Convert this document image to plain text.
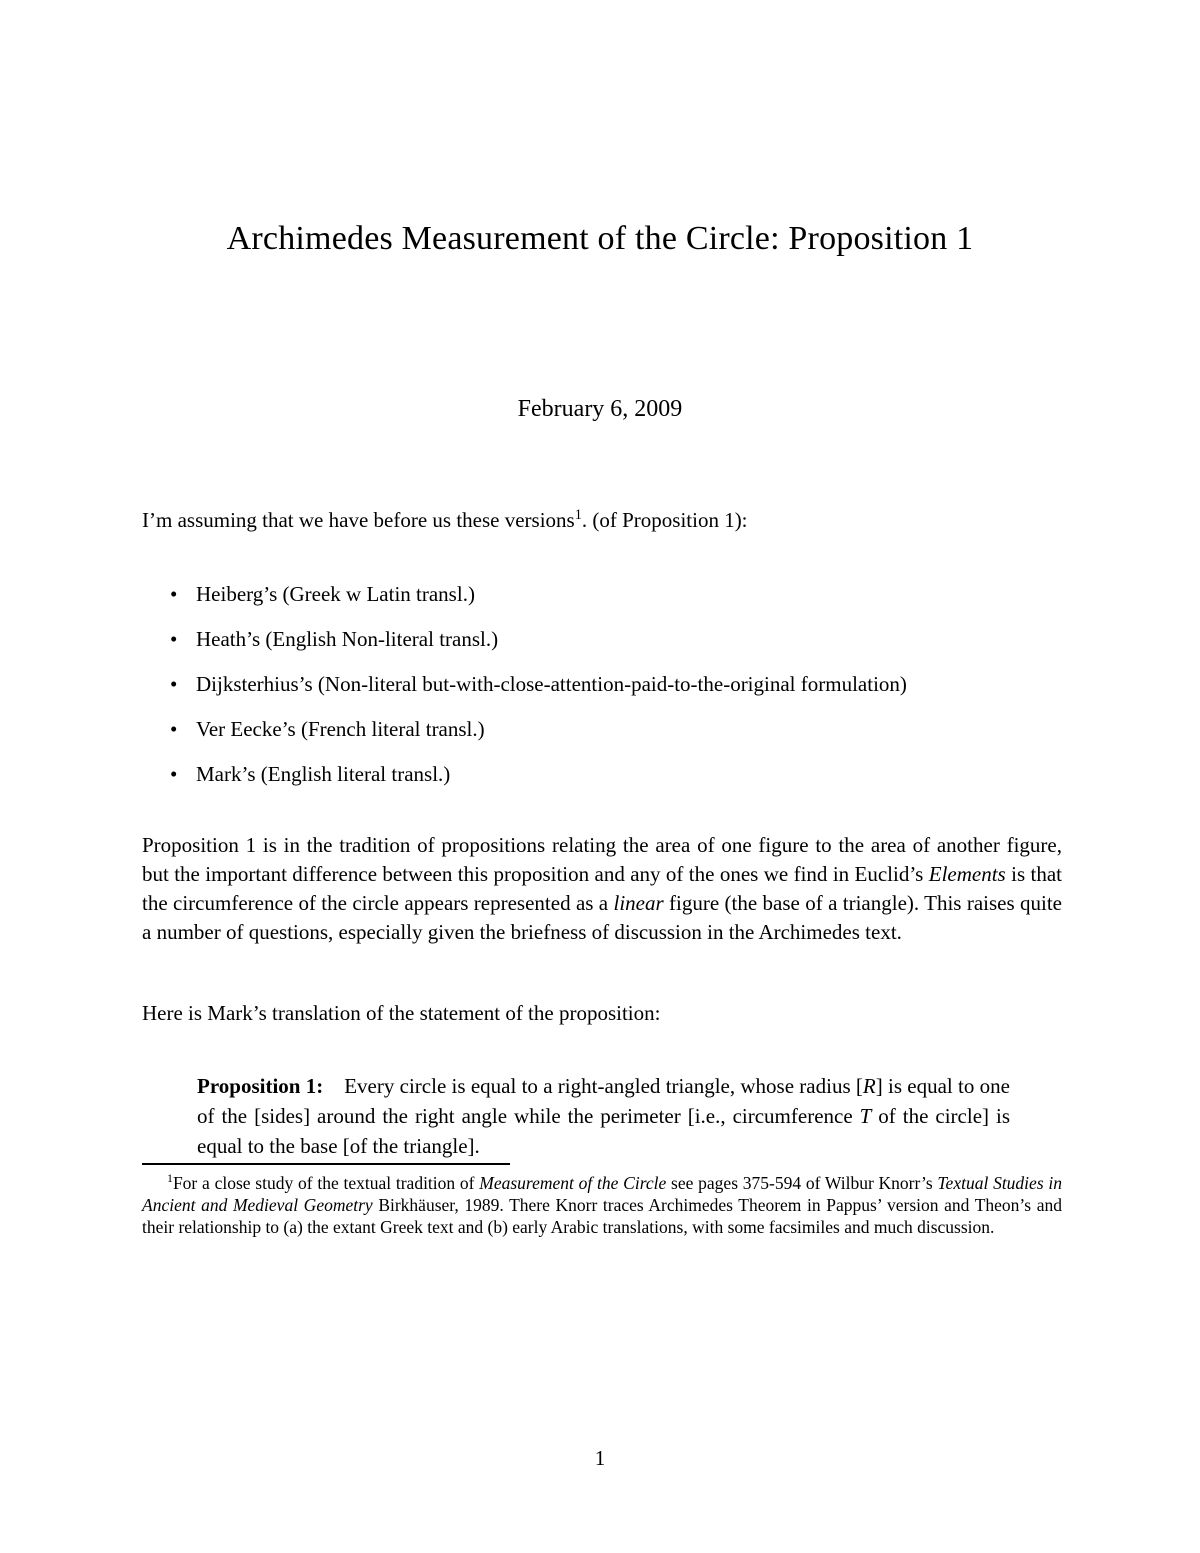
Archimedes Measurement of the Circle: Proposition 1
February 6, 2009

I’m assuming that we have before us these versions$^1$. (of Proposition 1):

• Heiberg’s (Greek w Latin transl.)
• Heath’s (English Non-literal transl.)
• Dijksterhius’s (Non-literal but-with-close-attention-paid-to-the-original formulation)
• Ver Eecke’s (French literal transl.)
• Mark’s (English literal transl.)

Proposition 1 is in the tradition of propositions relating the area of one figure to the area of another figure, but the important difference between this proposition and any of the ones we find in Euclid’s Elements is that the circumference of the circle appears represented as a linear figure (the base of a triangle). This raises quite a number of questions, especially given the briefness of discussion in the Archimedes text.

Here is Mark’s translation of the statement of the proposition:

Proposition 1: Every circle is equal to a right-angled triangle, whose radius [R] is equal to one of the [sides] around the right angle while the perimeter [i.e., circumference T of the circle] is equal to the base [of the triangle].

$^1$For a close study of the textual tradition of Measurement of the Circle see pages 375-594 of Wilbur Knorr’s Textual Studies in Ancient and Medieval Geometry Birkhäuser, 1989. There Knorr traces Archimedes Theorem in Pappus’ version and Theon’s and their relationship to (a) the extant Greek text and (b) early Arabic translations, with some facsimiles and much discussion.

1
